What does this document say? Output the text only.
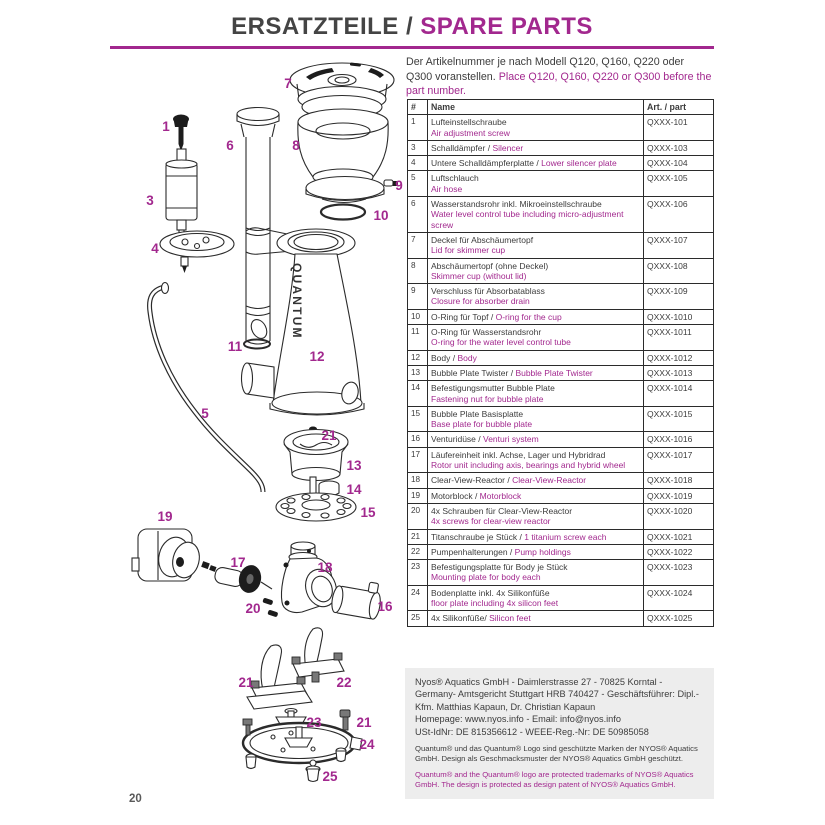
QUANTUM
1
3
4
6
7
8
9
10
11
12
5
21
13
14
15
19
17	18
20	16
21	22
23	21
24
25
ERSATZTEILE / SPARE PARTS
Der Artikelnummer je nach Modell Q120, Q160, Q220 oder Q300 voranstellen. Place Q120, Q160, Q220 or Q300 before the part number.
#	Name	Art. / part
1	Lufteinstellschraube
Air adjustment screw	QXXX-101
3	Schalldämpfer / Silencer	QXXX-103
4	Untere Schalldämpferplatte / Lower silencer plate	QXXX-104
5	Luftschlauch
Air hose	QXXX-105
6	Wasserstandsrohr inkl. Mikroeinstellschraube
Water level control tube including micro-adjustment screw	QXXX-106
7	Deckel für Abschäumertopf
Lid for skimmer cup	QXXX-107
8	Abschäumertopf (ohne Deckel)
Skimmer cup (without lid)	QXXX-108
9	Verschluss für Absorbatablass
Closure for absorber drain	QXXX-109
10	O-Ring für Topf / O-ring for the cup	QXXX-1010
11	O-Ring für Wasserstandsrohr
O-ring for the water level control tube	QXXX-1011
12	Body / Body	QXXX-1012
13	Bubble Plate Twister / Bubble Plate Twister	QXXX-1013
14	Befestigungsmutter Bubble Plate
Fastening nut for bubble plate	QXXX-1014
15	Bubble Plate Basisplatte
Base plate for bubble plate	QXXX-1015
16	Venturidüse / Venturi system	QXXX-1016
17	Läufereinheit inkl. Achse, Lager und Hybridrad
Rotor unit including axis, bearings and hybrid wheel	QXXX-1017
18	Clear-View-Reactor / Clear-View-Reactor	QXXX-1018
19	Motorblock / Motorblock	QXXX-1019
20	4x Schrauben für Clear-View-Reactor
4x screws for clear-view reactor	QXXX-1020
21	Titanschraube je Stück / 1 titanium screw each	QXXX-1021
22	Pumpenhalterungen / Pump holdings	QXXX-1022
23	Befestigungsplatte für Body je Stück
Mounting plate for body each	QXXX-1023
24	Bodenplatte inkl. 4x Silikonfüße
floor plate including 4x silicon feet	QXXX-1024
25	4x Silikonfüße/ Silicon feet	QXXX-1025
Nyos® Aquatics GmbH - Daimlerstrasse 27 - 70825 Korntal - Germany- Amtsgericht Stuttgart HRB 740427 - Geschäftsführer: Dipl.-Kfm. Matthias Kapaun, Dr. Christian Kapaun
Homepage: www.nyos.info - Email: info@nyos.info
USt-IdNr: DE 815356612 - WEEE-Reg.-Nr: DE 50985058
Quantum® und das Quantum® Logo sind geschützte Marken der NYOS® Aquatics GmbH. Design als Geschmacksmuster der NYOS® Aquatics GmbH geschützt.
Quantum® and the Quantum® logo are protected trademarks of NYOS® Aquatics GmbH. The design is protected as design patent of NYOS® Aquatics GmbH.
20
